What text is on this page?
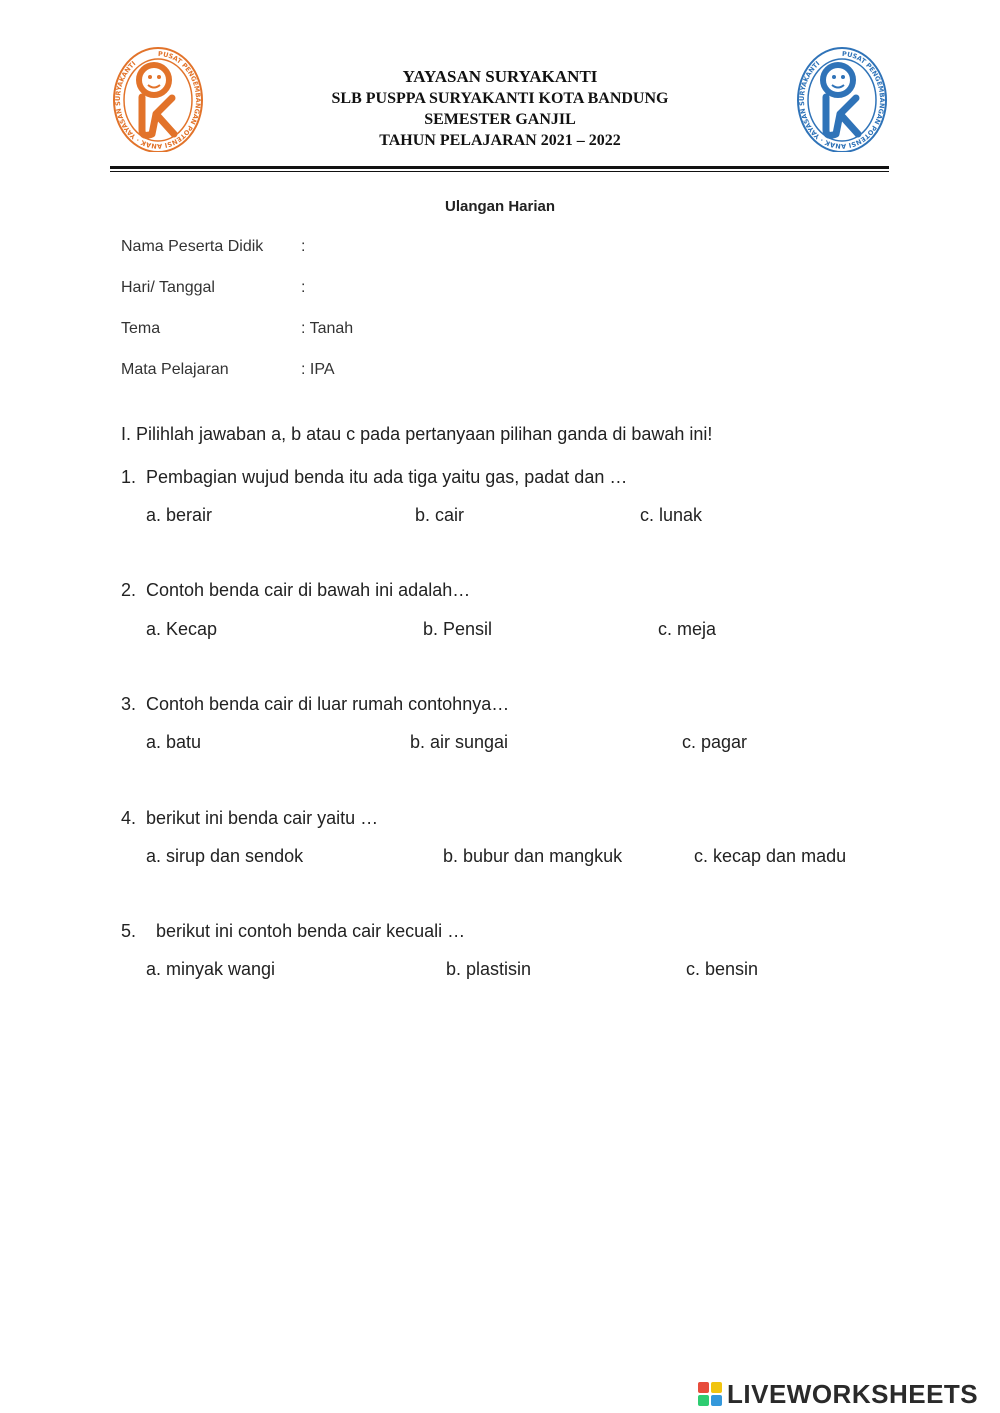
PUSAT PENGEMBANGAN POTENSI ANAK · YAYASAN SURYAKANTI
PUSAT PENGEMBANGAN POTENSI ANAK · YAYASAN SURYAKANTI
YAYASAN SURYAKANTI
SLB PUSPPA SURYAKANTI KOTA BANDUNG
SEMESTER GANJIL
TAHUN PELAJARAN 2021 – 2022
Ulangan Harian
Nama Peserta Didik :
Hari/ Tanggal	:
Tema	: Tanah
Mata Pelajaran	: IPA
I. Pilihlah jawaban a, b atau c pada pertanyaan pilihan ganda di bawah ini!
1. Pembagian wujud benda itu ada tiga yaitu gas, padat dan …
a. berair	b. cair	c. lunak
2. Contoh benda cair di bawah ini adalah…
a. Kecap	b. Pensil	c. meja
3. Contoh benda cair di luar rumah contohnya…
a. batu	b. air sungai	c. pagar
4. berikut ini benda cair yaitu …
a. sirup dan sendok	b. bubur dan mangkuk	c. kecap dan madu
5. berikut ini contoh benda cair kecuali …
a. minyak wangi	b. plastisin	c. bensin
LIVEWORKSHEETS
